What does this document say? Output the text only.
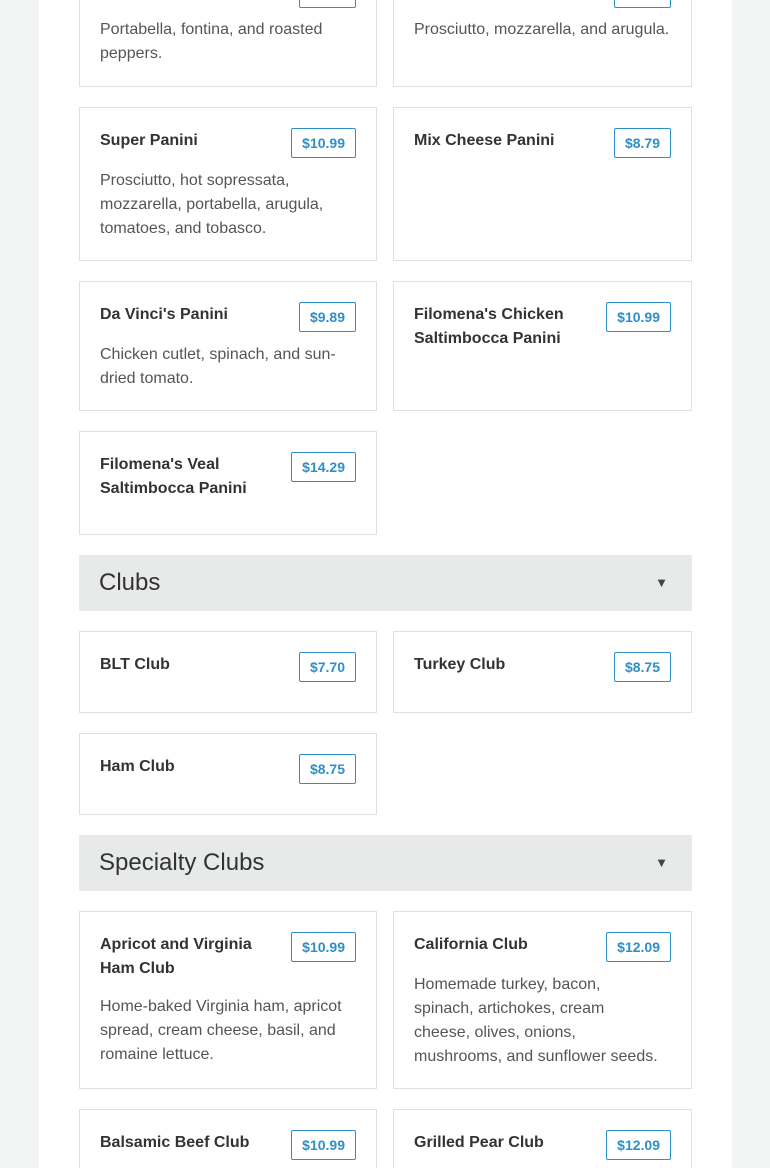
Portabella, fontina, and roasted peppers.
Prosciutto, mozzarella, and arugula.
Super Panini	$10.99
Prosciutto, hot sopressata, mozzarella, portabella, arugula, tomatoes, and tobasco.
Mix Cheese Panini	$8.79
Da Vinci's Panini	$9.89
Chicken cutlet, spinach, and sun-dried tomato.
Filomena's Chicken Saltimbocca Panini
$10.99
Filomena's Veal Saltimbocca Panini
$14.29
Clubs	▼
BLT Club	$7.70	Turkey Club	$8.75
Ham Club	$8.75
Specialty Clubs	▼
Apricot and Virginia Ham Club
$10.99
Home-baked Virginia ham, apricot spread, cream cheese, basil, and romaine lettuce.
California Club	$12.09
Homemade turkey, bacon, spinach, artichokes, cream cheese, olives, onions, mushrooms, and sunflower seeds.
Balsamic Beef Club	$10.99	Grilled Pear Club	$12.09
